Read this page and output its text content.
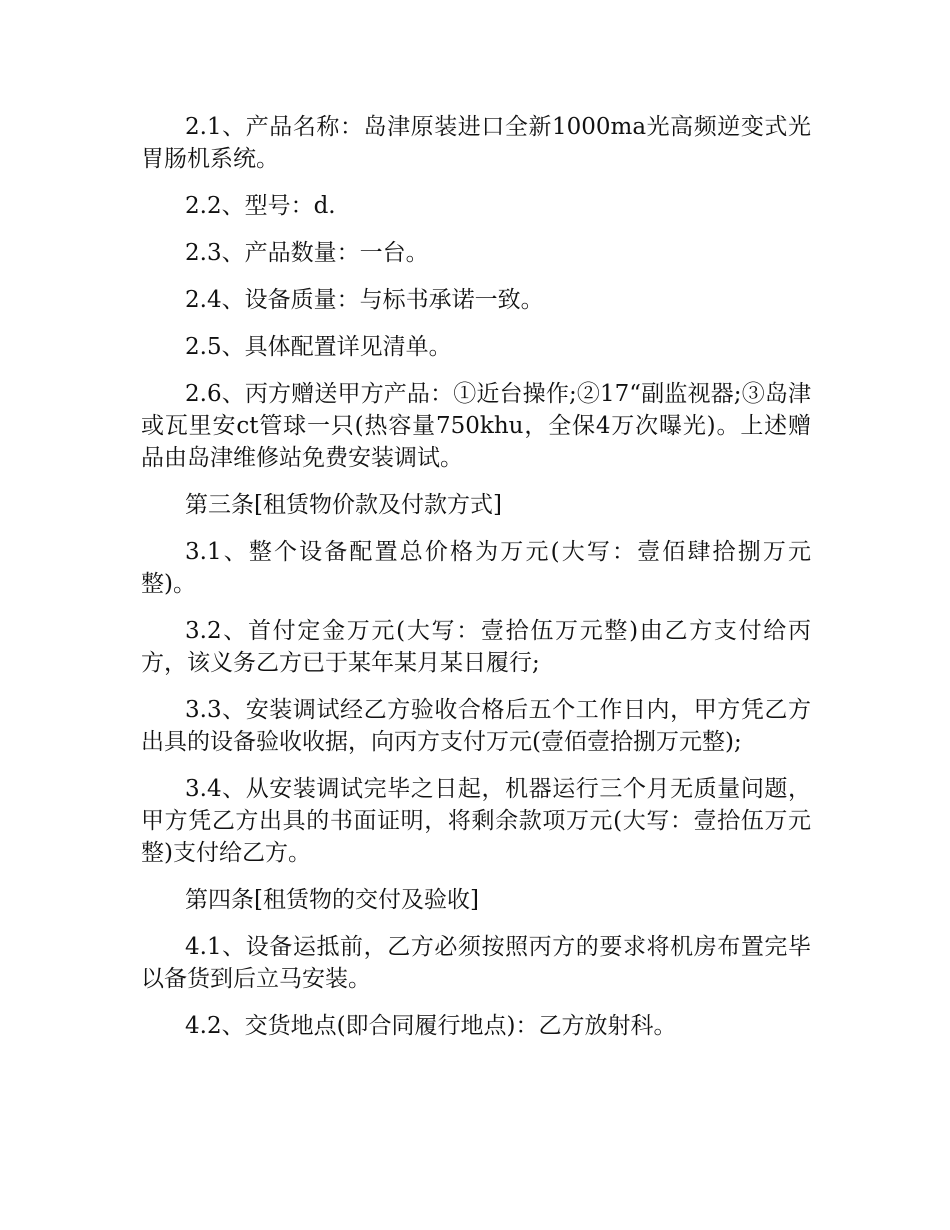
2.1、产品名称：岛津原装进口全新1000ma光高频逆变式光胃肠机系统。

2.2、型号：d.

2.3、产品数量：一台。

2.4、设备质量：与标书承诺一致。

2.5、具体配置详见清单。

2.6、丙方赠送甲方产品：①近台操作;②17“副监视器;③岛津或瓦里安ct管球一只(热容量750khu，全保4万次曝光)。上述赠品由岛津维修站免费安装调试。

第三条[租赁物价款及付款方式]

3.1、整个设备配置总价格为万元(大写：壹佰肆拾捌万元整)。

3.2、首付定金万元(大写：壹拾伍万元整)由乙方支付给丙方，该义务乙方已于某年某月某日履行;

3.3、安装调试经乙方验收合格后五个工作日内，甲方凭乙方出具的设备验收收据，向丙方支付万元(壹佰壹拾捌万元整);

3.4、从安装调试完毕之日起，机器运行三个月无质量问题，甲方凭乙方出具的书面证明，将剩余款项万元(大写：壹拾伍万元整)支付给乙方。

第四条[租赁物的交付及验收]

4.1、设备运抵前，乙方必须按照丙方的要求将机房布置完毕以备货到后立马安装。

4.2、交货地点(即合同履行地点)：乙方放射科。
